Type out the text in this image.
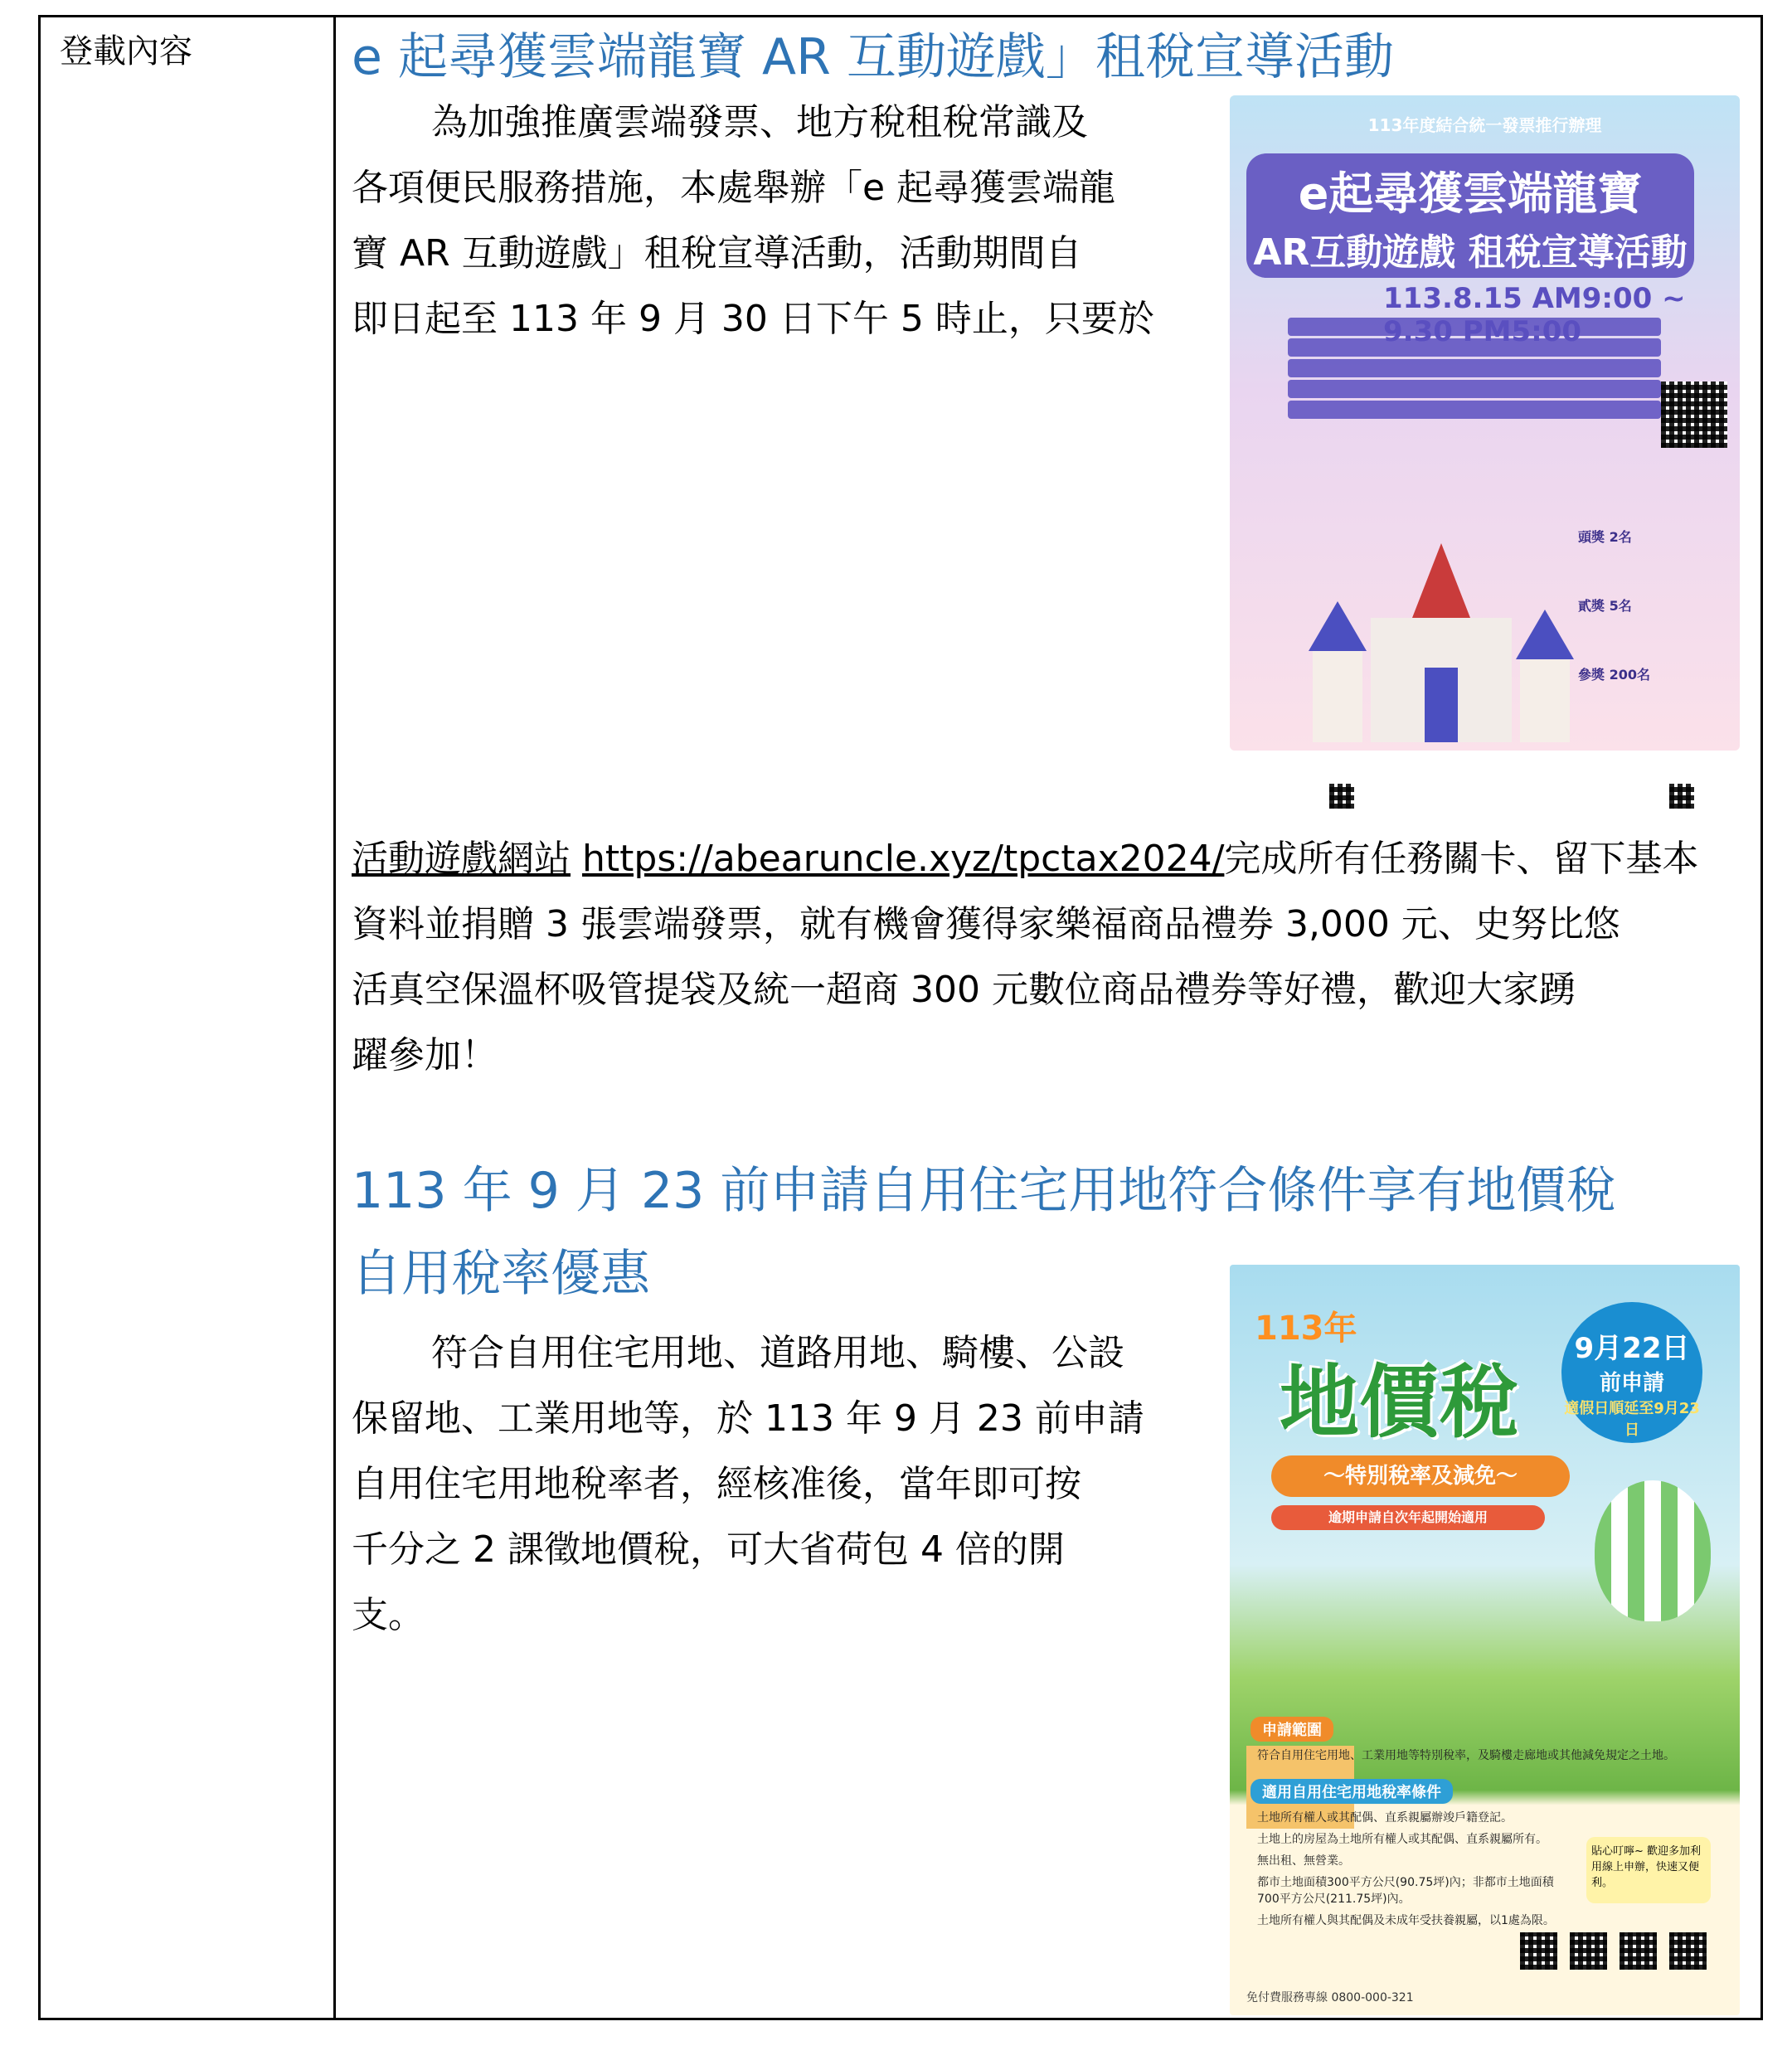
登載內容	e 起尋獲雲端龍寶 AR 互動遊戲」租稅宣導活動
為加強推廣雲端發票、地方稅租稅常識及
各項便民服務措施，本處舉辦「e 起尋獲雲端龍
寶 AR 互動遊戲」租稅宣導活動，活動期間自
即日起至 113 年 9 月 30 日下午 5 時止，只要於
活動遊戲網站 https://abearuncle.xyz/tpctax2024/完成所有任務關卡、留下基本
資料並捐贈 3 張雲端發票，就有機會獲得家樂福商品禮券 3,000 元、史努比悠
活真空保溫杯吸管提袋及統一超商 300 元數位商品禮券等好禮，歡迎大家踴
躍參加！
113年度結合統一發票推行辦理
e起尋獲雲端龍寶
AR互動遊戲 租稅宣導活動
113.8.15 AM9:00 ~
頭獎 2名
貳獎 5名
參獎 200名
113 年 9 月 23 前申請自用住宅用地符合條件享有地價稅
自用稅率優惠
符合自用住宅用地、道路用地、騎樓、公設
保留地、工業用地等，於 113 年 9 月 23 前申請
自用住宅用地稅率者，經核准後，當年即可按
千分之 2 課徵地價稅，可大省荷包 4 倍的開
支。
113年
地價稅
9月22日
前申請
適假日順延至9月23日
～特別稅率及減免～
逾期申請自次年起開始適用
申請範圍
符合自用住宅用地、工業用地等特別稅率，及騎樓走廊地或其他減免規定之土地。
適用自用住宅用地稅率條件
土地所有權人或其配偶、直系親屬辦竣戶籍登記。
土地上的房屋為土地所有權人或其配偶、直系親屬所有。
無出租、無營業。
都市土地面積300平方公尺(90.75坪)內；非都市土地面積700平方公尺(211.75坪)內。
土地所有權人與其配偶及未成年受扶養親屬，以1處為限。
貼心叮嚀~ 歡迎多加利用線上申辦，快速又便利。
免付費服務專線 0800-000-321
